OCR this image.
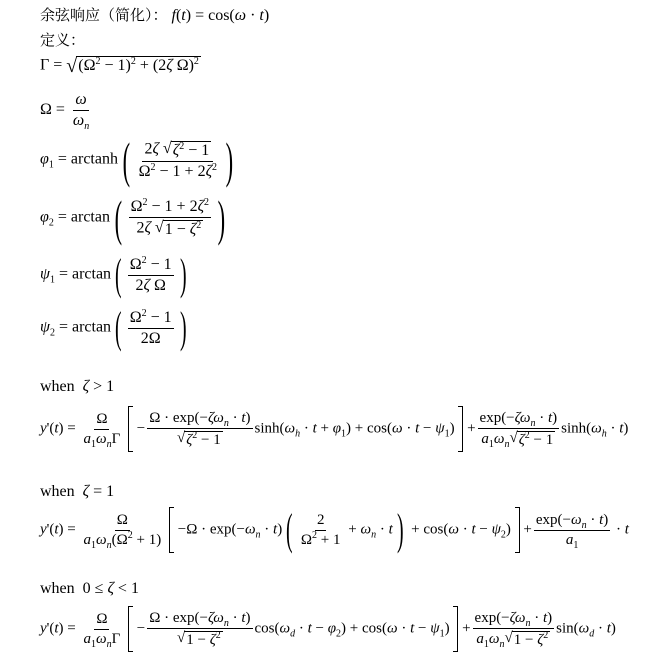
余弦响应（简化）： f(t) = cos(ω · t)
定义：
Γ = √ $(\Omega^2 - 1)^2 + (2\zeta$ Ω)$^2$
$\Omega = \frac{\omega}{\omega_n}$
$\varphi_1 = \arctan h( \frac{2\zeta √ \zeta^2 - 1}{\Omega^2 - 1 + 2\zeta^2}$ )
$\varphi_2 = \arctan( \frac{\Omega^2 - 1 + 2\zeta^2}{2\zeta √ 1 - \zeta^2}$ )
$\psi_1 = \arctan( \frac{\Omega^2 - 1}{\text{2ζ Ω}}$ )
$\psi_2 = \arctan( \frac{\Omega^2 - 1}{2\Omega}$ )
when  ζ > 1
$y'(t) = \frac{\Omega}{a_1\omega_n\Gamma} - \frac{\Omega \cdot \exp(-\zeta\omega_n \cdot t)}{√ \zeta^2 - 1} \sinh(\omega_h \cdot t + \varphi_1) + \cos(\omega \cdot t - \psi_1) + \frac{\exp(-\zeta\omega_n \cdot t)}{a_1\omega_n √ \zeta^2 - 1} \sinh(\omega_h \cdot t)$
when  ζ = 1
$y'(t) = \frac{\Omega}{a_1\omega_n(\Omega^2 + 1)} -\Omega \cdot \exp(-\omega_n \cdot t)( \frac{2}{\Omega^2 + 1} + \omega_n \cdot t) + \cos(\omega \cdot t - \psi_2) + \frac{\exp(-\omega_n \cdot t)}{a_1} \cdot t$
when  0 ≤ ζ < 1
$y'(t) = \frac{\Omega}{a_1\omega_n\Gamma} - \frac{\Omega \cdot \exp(-\zeta\omega_n \cdot t)}{√ 1 - \zeta^2} \cos(\omega_d \cdot t - \varphi_2) + \cos(\omega \cdot t - \psi_1) + \frac{\exp(-\zeta\omega_n \cdot t)}{a_1\omega_n √ 1 - \zeta^2} \sin(\omega_d \cdot t)$
